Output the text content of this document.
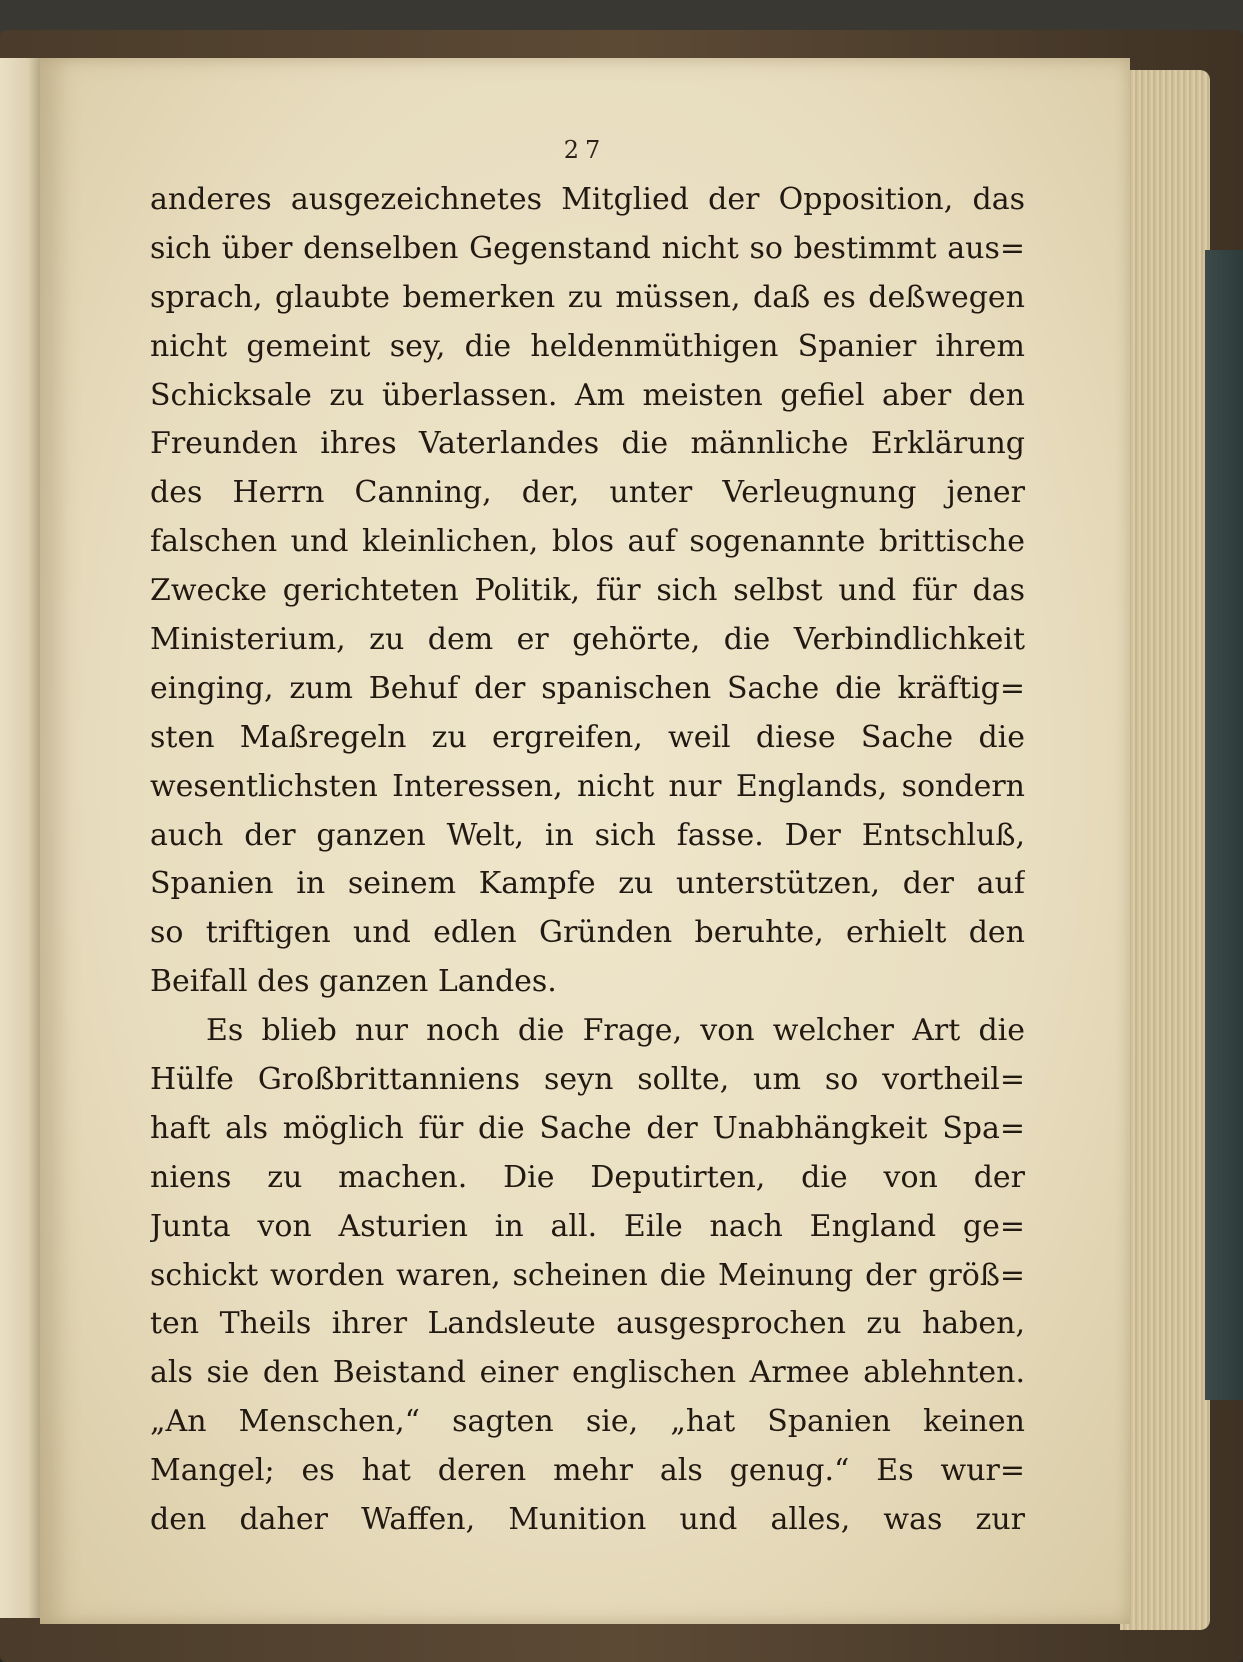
27
anderes ausgezeichnetes Mitglied der Opposition, das
sich über denselben Gegenstand nicht so bestimmt aus=
sprach, glaubte bemerken zu müssen, daß es deßwegen
nicht gemeint sey, die heldenmüthigen Spanier ihrem
Schicksale zu überlassen. Am meisten gefiel aber den
Freunden ihres Vaterlandes die männliche Erklärung
des Herrn Canning, der, unter Verleugnung jener
falschen und kleinlichen, blos auf sogenannte brittische
Zwecke gerichteten Politik, für sich selbst und für das
Ministerium, zu dem er gehörte, die Verbindlichkeit
einging, zum Behuf der spanischen Sache die kräftig=
sten Maßregeln zu ergreifen, weil diese Sache die
wesentlichsten Interessen, nicht nur Englands, sondern
auch der ganzen Welt, in sich fasse. Der Entschluß,
Spanien in seinem Kampfe zu unterstützen, der auf
so triftigen und edlen Gründen beruhte, erhielt den
Beifall des ganzen Landes.
Es blieb nur noch die Frage, von welcher Art die
Hülfe Großbrittanniens seyn sollte, um so vortheil=
haft als möglich für die Sache der Unabhängkeit Spa=
niens zu machen. Die Deputirten, die von der
Junta von Asturien in all. Eile nach England ge=
schickt worden waren, scheinen die Meinung der größ=
ten Theils ihrer Landsleute ausgesprochen zu haben,
als sie den Beistand einer englischen Armee ablehnten.
„An Menschen,“ sagten sie, „hat Spanien keinen
Mangel; es hat deren mehr als genug.“ Es wur=
den daher Waffen, Munition und alles, was zur
